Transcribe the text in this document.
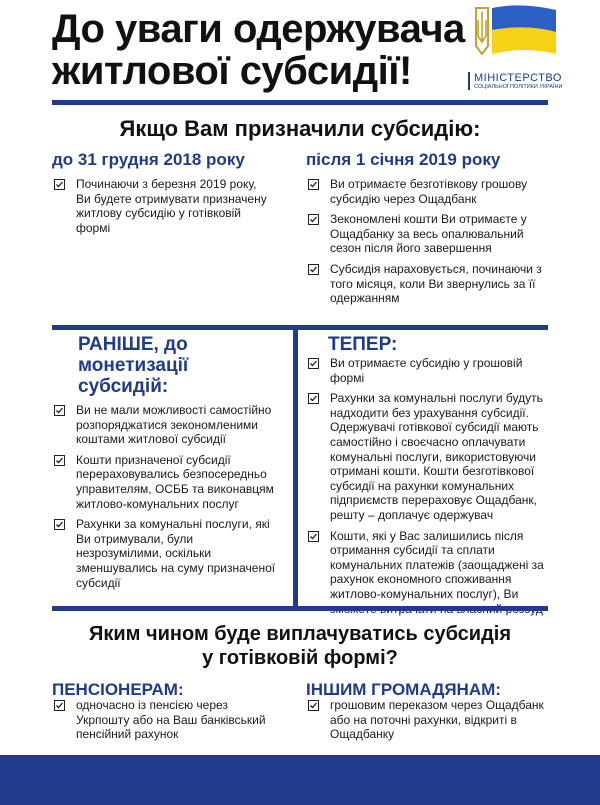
До уваги одержувача
житлової субсидії!	МІНІСТЕРСТВО
СОЦІАЛЬНОЇ ПОЛІТИКИ УКРАЇНИ
Якщо Вам призначили субсидію:
до 31 грудня 2018 року	після 1 січня 2019 року
Починаючи з березня 2019 року, Ви будете отримувати призначену житлову субсидію у готівковій формі
Ви отримаєте безготівкову грошову субсидію через Ощадбанк
Зекономлені кошти Ви отримаєте у Ощадбанку за весь опалювальний сезон після його завершення
Субсидія нараховується, починаючи з того місяця, коли Ви звернулись за її одержанням
РАНІШЕ, до
монетизації
субсидій:
Ви не мали можливості самостійно розпоряджатися зекономленими коштами житлової субсидії
Кошти призначеної субсидії перераховувались безпосередньо управителям, ОСББ та виконавцям житлово-комунальних послуг
Рахунки за комунальні послуги, які Ви отримували, були незрозумілими, оскільки зменшувались на суму призначеної субсидії
ТЕПЕР:
Ви отримаєте субсидію у грошовій формі
Рахунки за комунальні послуги будуть надходити без урахування субсидії. Одержувачі готівкової субсидії мають самостійно і своєчасно оплачувати комунальні послуги, використовуючи отримані кошти. Кошти безготівкової субсидії на рахунки комунальних підприємств перераховує Ощадбанк, решту – доплачує одержувач
Кошти, які у Вас залишились після отримання субсидії та сплати комунальних платежів (заощаджені за рахунок економного споживання житлово-комунальних послуг), Ви
Яким чином буде виплачуватись субсидія
у готівковій формі?
ПЕНСІОНЕРАМ:	ІНШИМ ГРОМАДЯНАМ:
одночасно із пенсією через Укрпошту або на Ваш банківський пенсійний рахунок
грошовим переказом через Ощадбанк або на поточні рахунки, відкриті в Ощадбанку
